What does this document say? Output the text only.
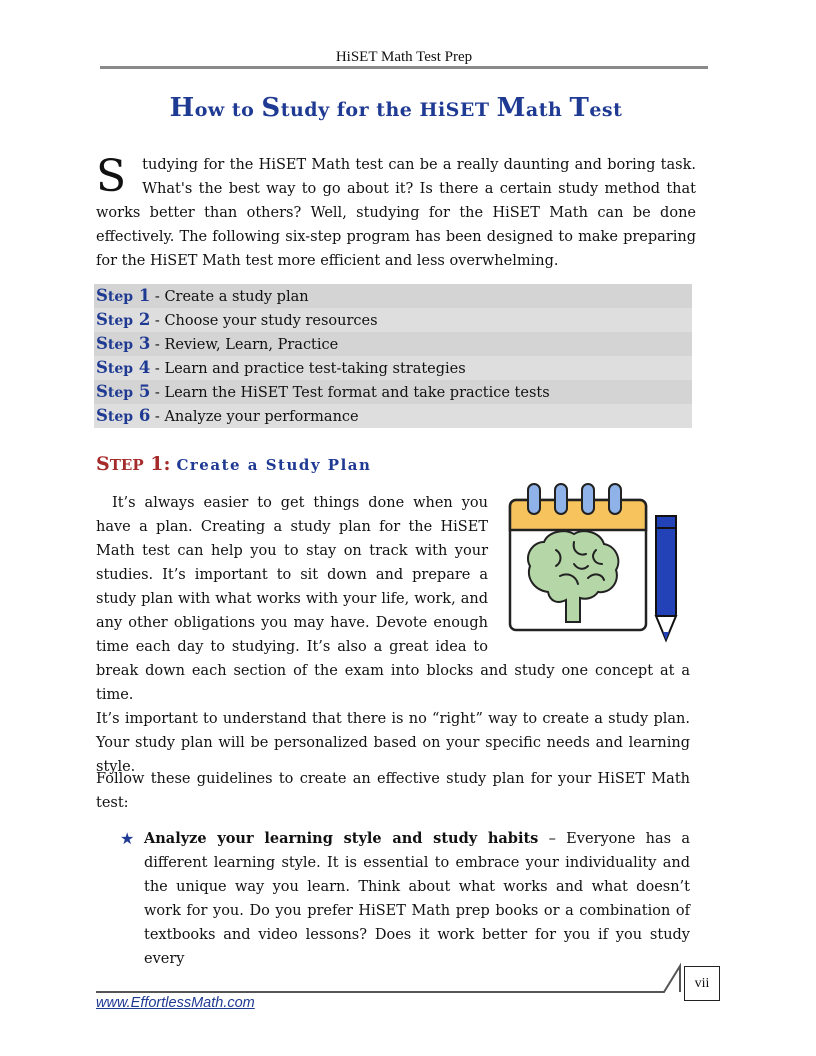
HiSET Math Test Prep
How to Study for the HiSET Math Test
S tudying for the HiSET Math test can be a really daunting and boring task. What's the best way to go about it? Is there a certain study method that works better than others? Well, studying for the HiSET Math can be done effectively. The following six-step program has been designed to make preparing for the HiSET Math test more efficient and less overwhelming.
Step 1 - Create a study plan
Step 2 - Choose your study resources
Step 3 - Review, Learn, Practice
Step 4 - Learn and practice test-taking strategies
Step 5 - Learn the HiSET Test format and take practice tests
Step 6 - Analyze your performance
STEP 1: Create a Study Plan
It’s always easier to get things done when you have a plan. Creating a study plan for the HiSET Math test can help you to stay on track with your studies. It’s important to sit down and prepare a study plan with what works with your life, work, and any other obligations you may have. Devote enough time each day to studying. It’s also a great idea to break down each section of the exam into blocks and study one concept at a time.
It’s important to understand that there is no “right” way to create a study plan. Your study plan will be personalized based on your specific needs and learning style.
Follow these guidelines to create an effective study plan for your HiSET Math test:
★ Analyze your learning style and study habits – Everyone has a different learning style. It is essential to embrace your individuality and the unique way you learn. Think about what works and what doesn’t work for you. Do you prefer HiSET Math prep books or a combination of textbooks and video lessons? Does it work better for you if you study every
www.EffortlessMath.com
vii
